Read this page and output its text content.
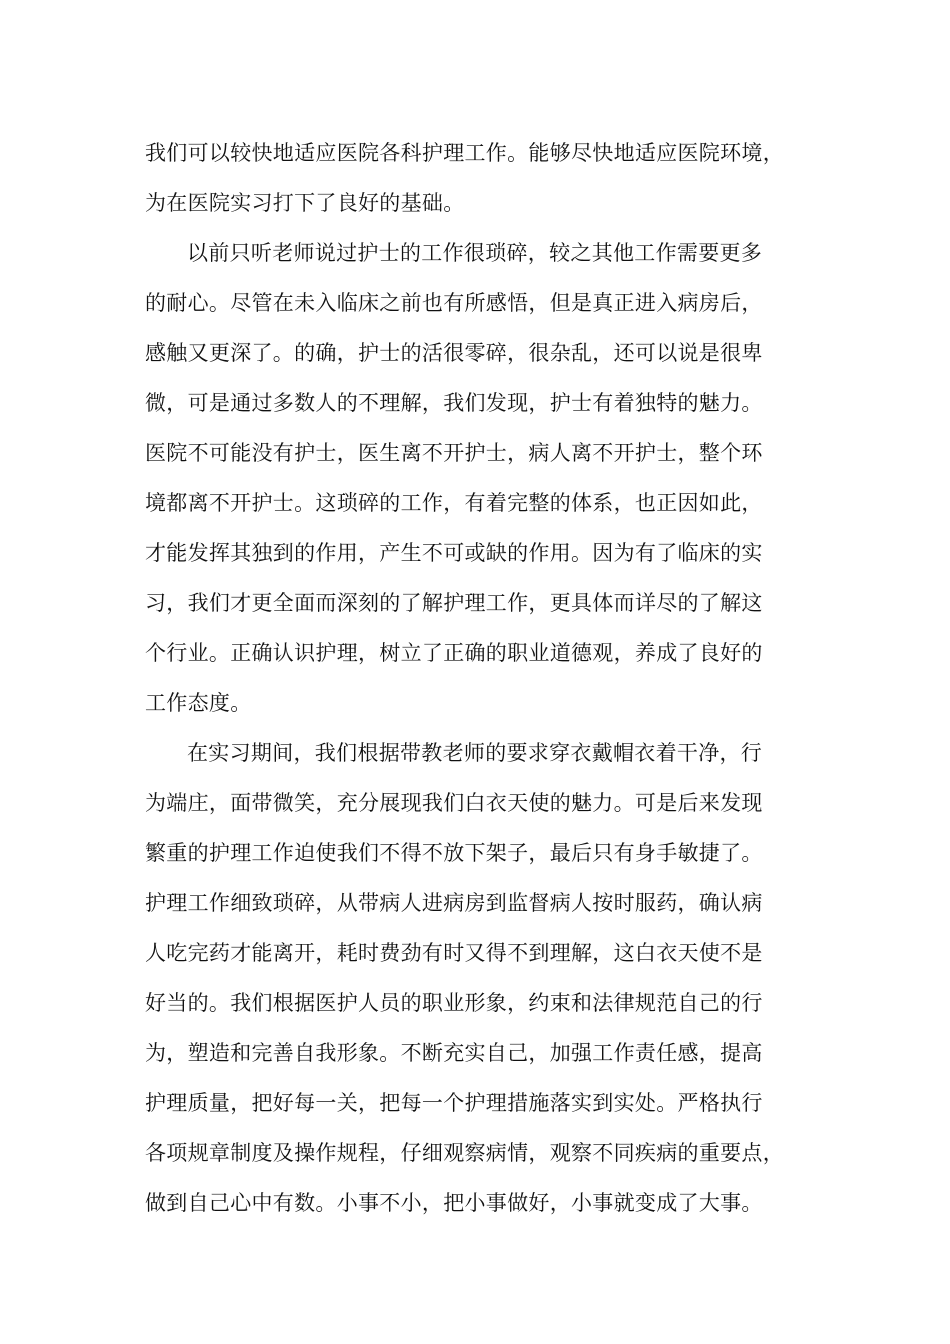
我们可以较快地适应医院各科护理工作。能够尽快地适应医院环境，
为在医院实习打下了良好的基础。
以前只听老师说过护士的工作很琐碎，较之其他工作需要更多
的耐心。尽管在未入临床之前也有所感悟，但是真正进入病房后，
感触又更深了。的确，护士的活很零碎，很杂乱，还可以说是很卑
微，可是通过多数人的不理解，我们发现，护士有着独特的魅力。
医院不可能没有护士，医生离不开护士，病人离不开护士，整个环
境都离不开护士。这琐碎的工作，有着完整的体系，也正因如此，
才能发挥其独到的作用，产生不可或缺的作用。因为有了临床的实
习，我们才更全面而深刻的了解护理工作，更具体而详尽的了解这
个行业。正确认识护理，树立了正确的职业道德观，养成了良好的
工作态度。
在实习期间，我们根据带教老师的要求穿衣戴帽衣着干净，行
为端庄，面带微笑，充分展现我们白衣天使的魅力。可是后来发现
繁重的护理工作迫使我们不得不放下架子，最后只有身手敏捷了。
护理工作细致琐碎，从带病人进病房到监督病人按时服药，确认病
人吃完药才能离开，耗时费劲有时又得不到理解，这白衣天使不是
好当的。我们根据医护人员的职业形象，约束和法律规范自己的行
为，塑造和完善自我形象。不断充实自己，加强工作责任感，提高
护理质量，把好每一关，把每一个护理措施落实到实处。严格执行
各项规章制度及操作规程，仔细观察病情，观察不同疾病的重要点，
做到自己心中有数。小事不小，把小事做好，小事就变成了大事。
